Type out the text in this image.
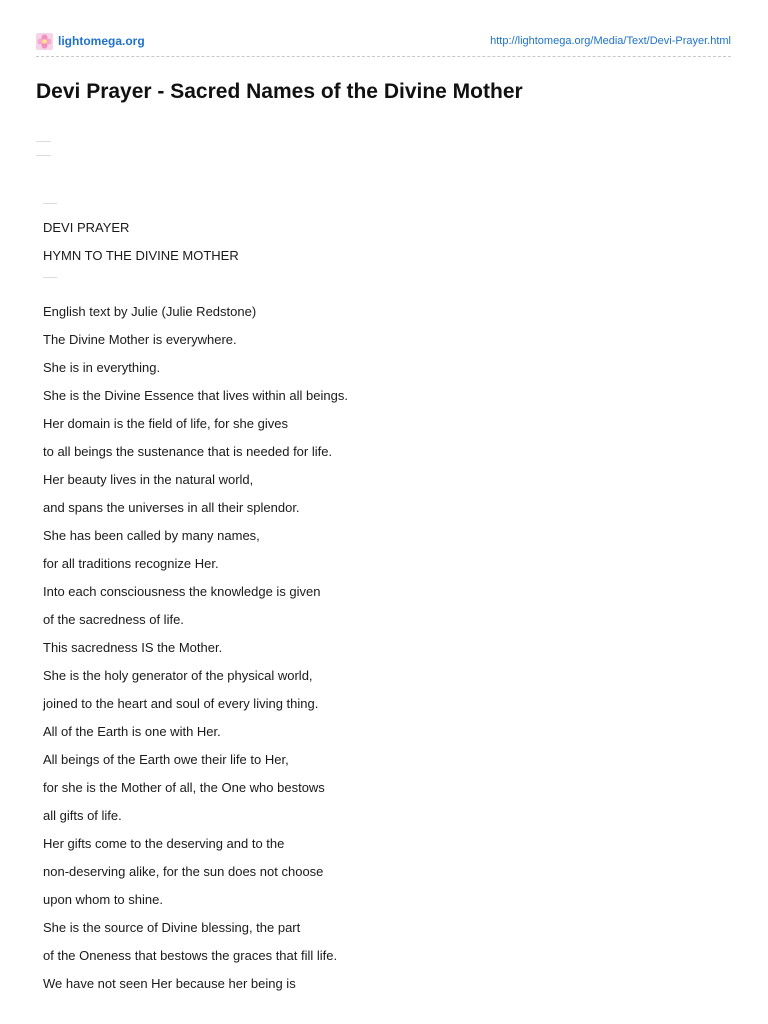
lightomega.org	http://lightomega.org/Media/Text/Devi-Prayer.html
Devi Prayer - Sacred Names of the Divine Mother

DEVI PRAYER

HYMN TO THE DIVINE MOTHER

English text by Julie (Julie Redstone)

The Divine Mother is everywhere.

She is in everything.

She is the Divine Essence that lives within all beings.

Her domain is the field of life, for she gives

to all beings the sustenance that is needed for life.

Her beauty lives in the natural world,

and spans the universes in all their splendor.

She has been called by many names,

for all traditions recognize Her.

Into each consciousness the knowledge is given

of the sacredness of life.

This sacredness IS the Mother.

She is the holy generator of the physical world,

joined to the heart and soul of every living thing.

All of the Earth is one with Her.

All beings of the Earth owe their life to Her,

for she is the Mother of all, the One who bestows

all gifts of life.

Her gifts come to the deserving and to the

non-deserving alike, for the sun does not choose

upon whom to shine.

She is the source of Divine blessing, the part

of the Oneness that bestows the graces that fill life.

We have not seen Her because her being is
